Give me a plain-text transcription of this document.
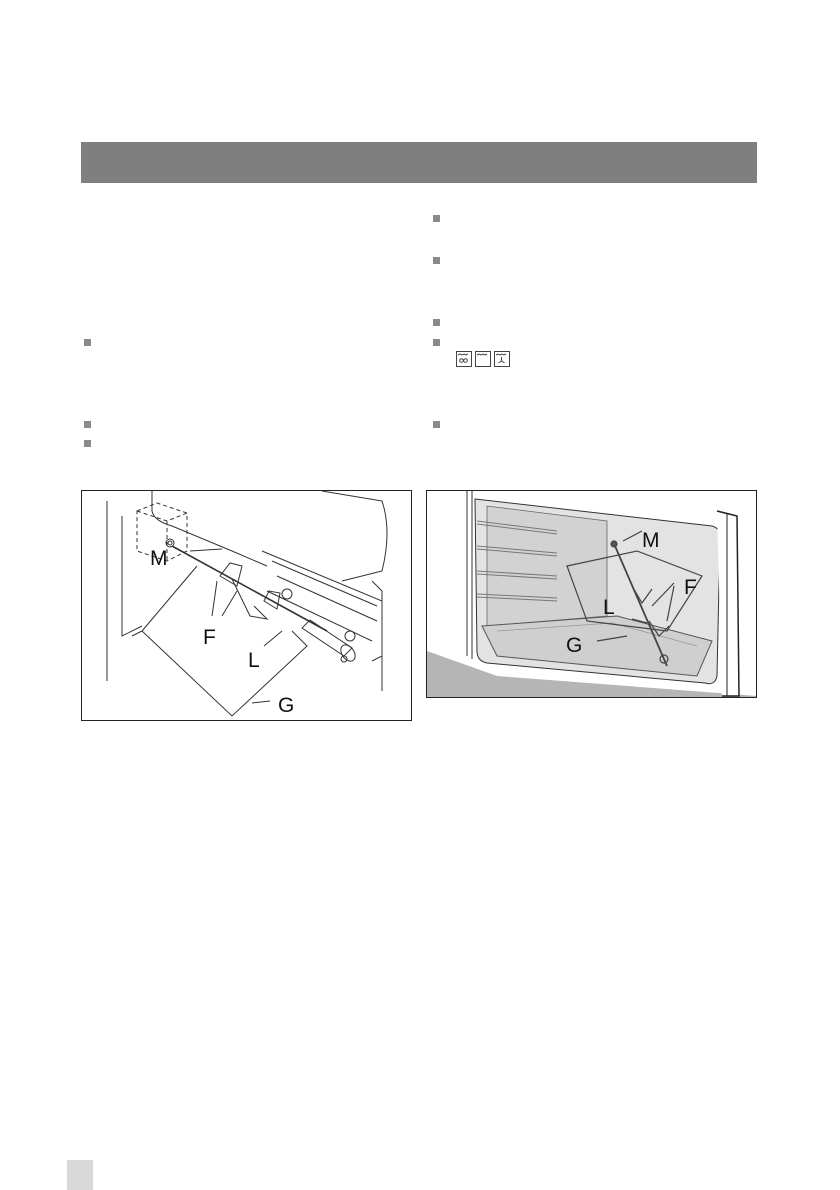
M
F
L
G
M
F
L
G
